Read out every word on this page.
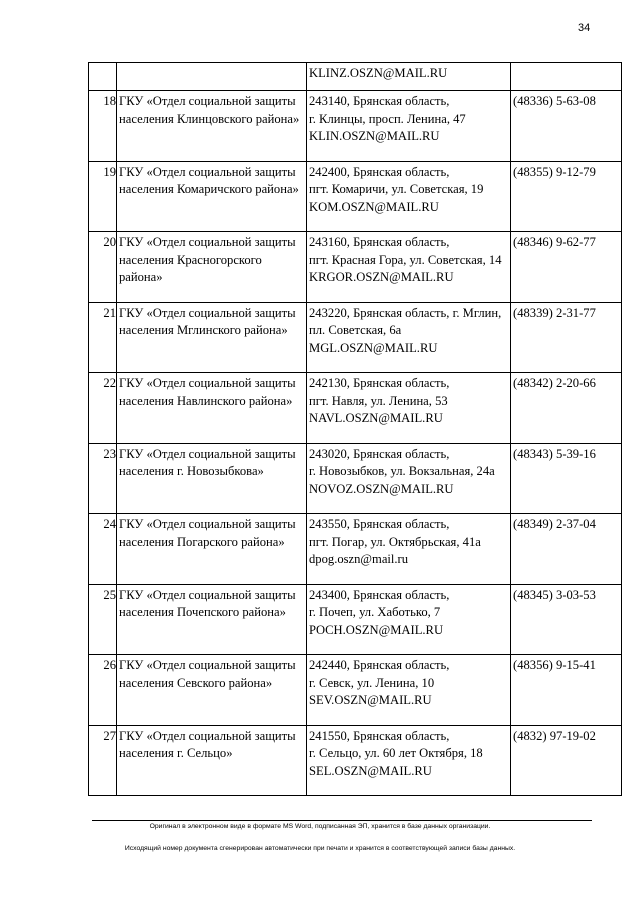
34

		KLINZ.OSZN@MAIL.RU	

18	ГКУ «Отдел социальной защиты
населения Клинцовского района»	243140, Брянская область,
г. Клинцы, просп. Ленина, 47
KLIN.OSZN@MAIL.RU	(48336) 5-63-08
19	ГКУ «Отдел социальной защиты
населения Комаричского района»	242400, Брянская область,
пгт. Комаричи, ул. Советская, 19
KOM.OSZN@MAIL.RU	(48355) 9-12-79
20	ГКУ «Отдел социальной защиты
населения Красногорского
района»	243160, Брянская область,
пгт. Красная Гора, ул. Советская, 14
KRGOR.OSZN@MAIL.RU	(48346) 9-62-77
21	ГКУ «Отдел социальной защиты
населения Мглинского района»	243220, Брянская область, г. Мглин,
пл. Советская, 6а
MGL.OSZN@MAIL.RU	(48339) 2-31-77
22	ГКУ «Отдел социальной защиты
населения Навлинского района»	242130, Брянская область,
пгт. Навля, ул. Ленина, 53
NAVL.OSZN@MAIL.RU	(48342) 2-20-66
23	ГКУ «Отдел социальной защиты
населения г. Новозыбкова»	243020, Брянская область,
г. Новозыбков, ул. Вокзальная, 24а
NOVOZ.OSZN@MAIL.RU	(48343) 5-39-16
24	ГКУ «Отдел социальной защиты
населения Погарского района»	243550, Брянская область,
пгт. Погар, ул. Октябрьская, 41а
dpog.oszn@mail.ru	(48349) 2-37-04
25	ГКУ «Отдел социальной защиты
населения Почепского района»	243400, Брянская область,
г. Почеп, ул. Хаботько, 7
POCH.OSZN@MAIL.RU	(48345) 3-03-53
26	ГКУ «Отдел социальной защиты
населения Севского района»	242440, Брянская область,
г. Севск, ул. Ленина, 10
SEV.OSZN@MAIL.RU	(48356) 9-15-41
27	ГКУ «Отдел социальной защиты
населения г. Сельцо»	241550, Брянская область,
г. Сельцо, ул. 60 лет Октября, 18
SEL.OSZN@MAIL.RU	(4832) 97-19-02
Оригинал в электронном виде в формате MS Word, подписанная ЭП, хранится в базе данных организации.
Исходящий номер документа сгенерирован автоматически при печати и хранится в соответствующей записи базы данных.
